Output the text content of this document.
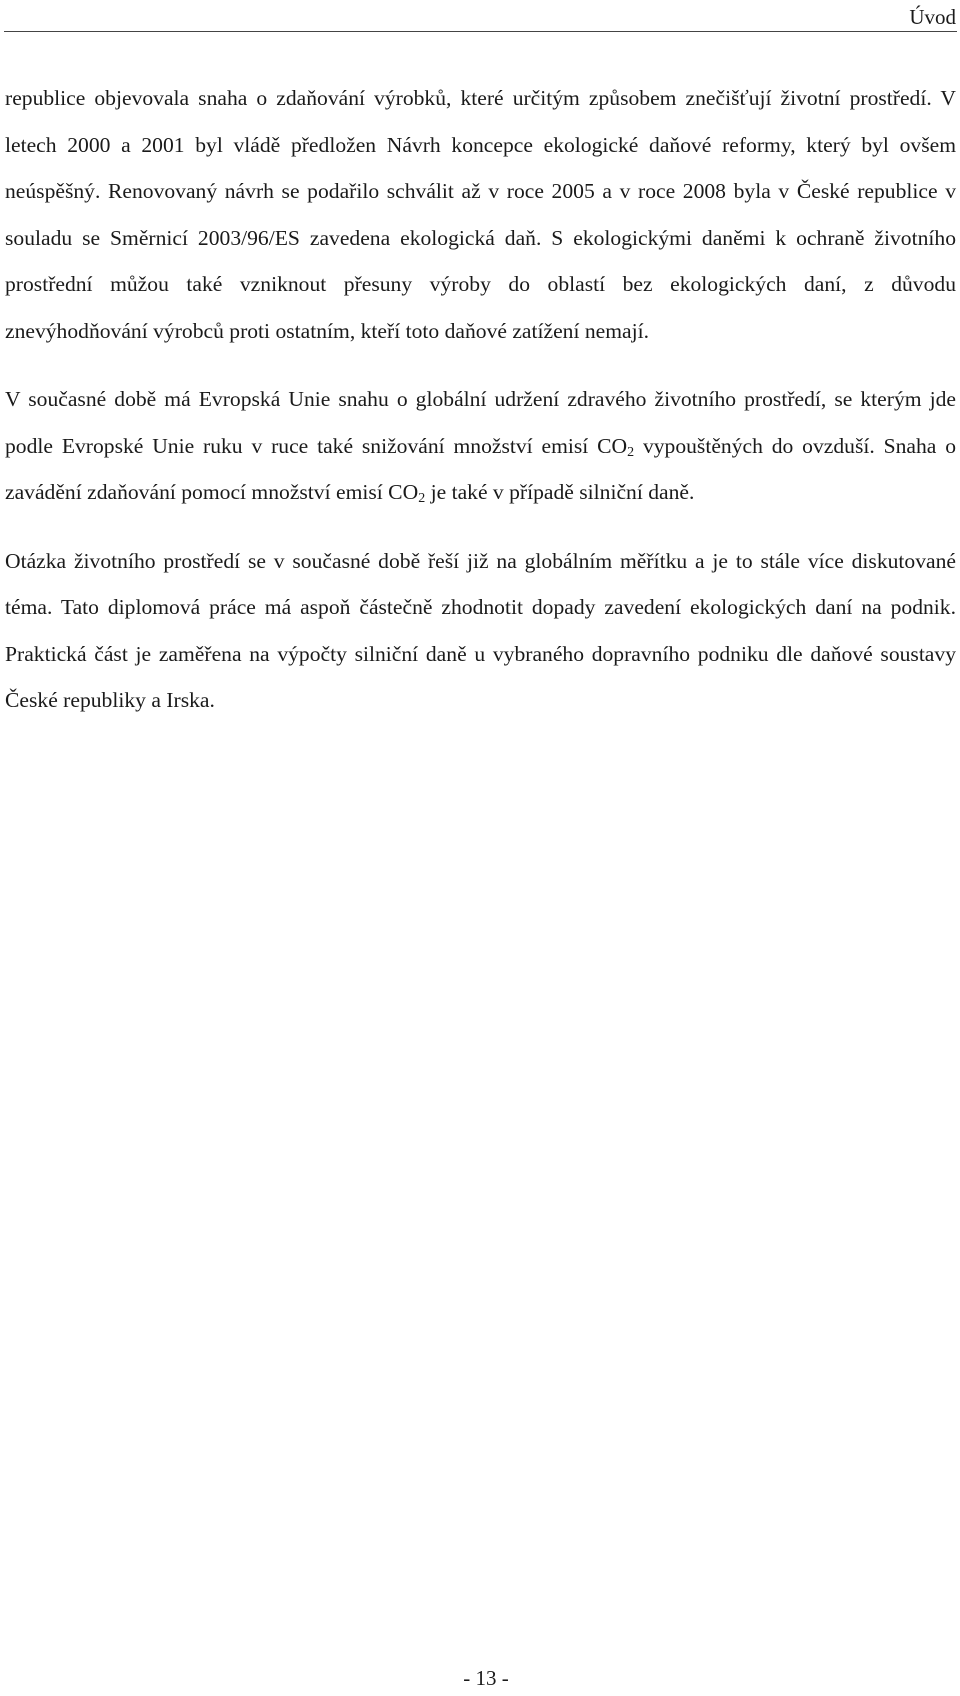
Úvod

republice objevovala snaha o zdaňování výrobků, které určitým způsobem znečišťují životní prostředí. V letech 2000 a 2001 byl vládě předložen Návrh koncepce ekologické daňové reformy, který byl ovšem neúspěšný. Renovovaný návrh se podařilo schválit až v roce 2005 a v roce 2008 byla v České republice v souladu se Směrnicí 2003/96/ES zavedena ekologická daň. S ekologickými daněmi k ochraně životního prostřední můžou také vzniknout přesuny výroby do oblastí bez ekologických daní, z důvodu znevýhodňování výrobců proti ostatním, kteří toto daňové zatížení nemají.

V současné době má Evropská Unie snahu o globální udržení zdravého životního prostředí, se kterým jde podle Evropské Unie ruku v ruce také snižování množství emisí $CO_2$ vypouštěných do ovzduší. Snaha o zavádění zdaňování pomocí množství emisí $CO_2$ je také v případě silniční daně.

Otázka životního prostředí se v současné době řeší již na globálním měřítku a je to stále více diskutované téma. Tato diplomová práce má aspoň částečně zhodnotit dopady zavedení ekologických daní na podnik. Praktická část je zaměřena na výpočty silniční daně u vybraného dopravního podniku dle daňové soustavy České republiky a Irska.

- 13 -
